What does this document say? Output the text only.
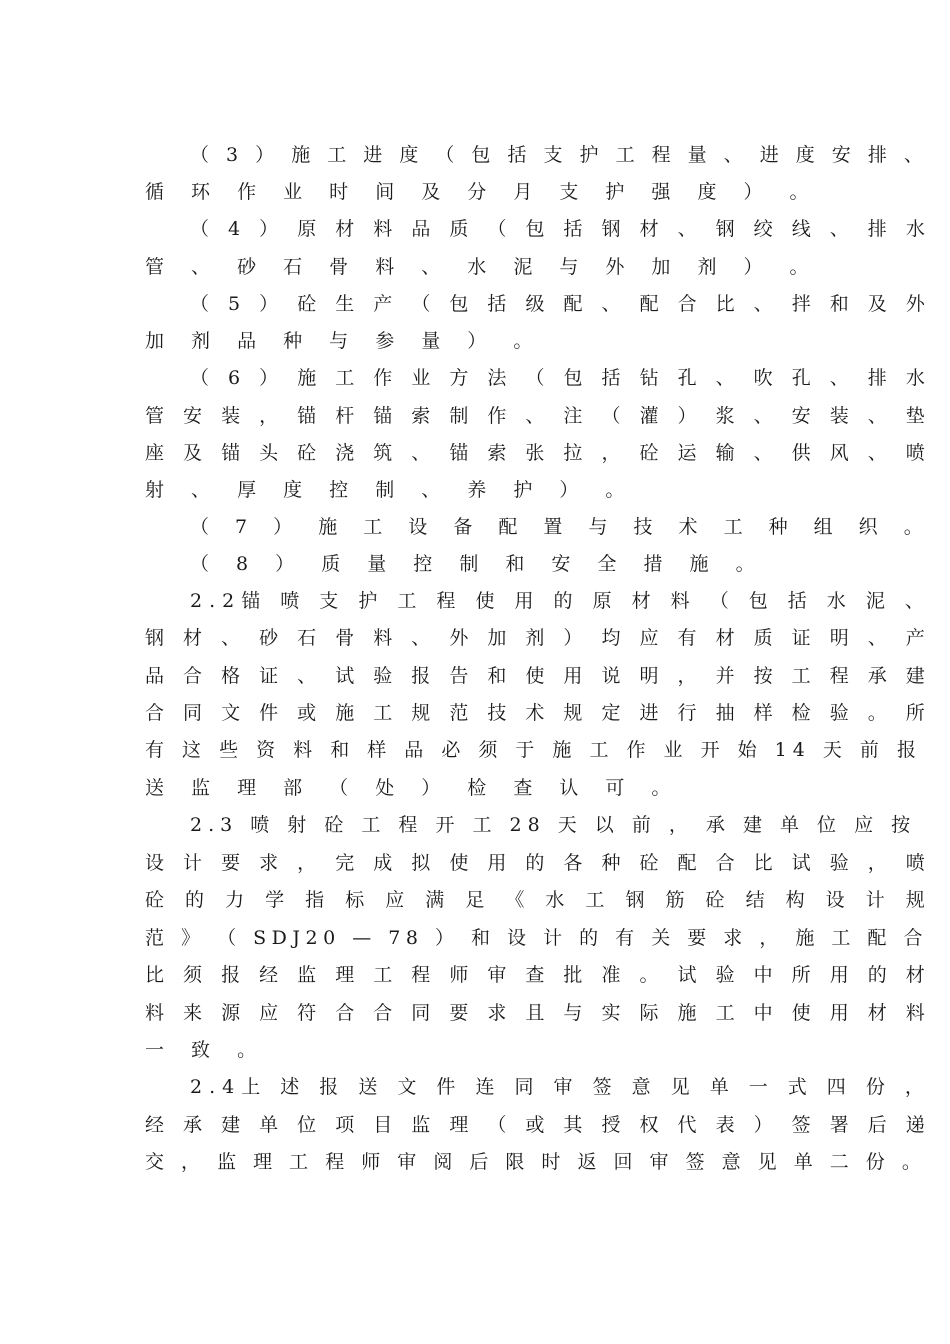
（ 3 ） 施 工 进 度 （ 包 括 支 护 工 程 量 、 进 度 安 排 、
循 环 作 业 时 间 及 分 月 支 护 强 度 ） 。
（ 4 ） 原 材 料 品 质 （ 包 括 钢 材 、 钢 绞 线 、 排 水
管 、 砂 石 骨 料 、 水 泥 与 外 加 剂 ） 。
（ 5 ） 砼 生 产 （ 包 括 级 配 、 配 合 比 、 拌 和 及 外
加 剂 品 种 与 参 量 ） 。
（ 6 ） 施 工 作 业 方 法 （ 包 括 钻 孔 、 吹 孔 、 排 水
管 安 装 ， 锚 杆 锚 索 制 作 、 注 （ 灌 ） 浆 、 安 装 、 垫
座 及 锚 头 砼 浇 筑 、 锚 索 张 拉 ， 砼 运 输 、 供 风 、 喷
射 、 厚 度 控 制 、 养 护 ） 。
（ 7 ） 施 工 设 备 配 置 与 技 术 工 种 组 织 。
（ 8 ） 质 量 控 制 和 安 全 措 施 。
2.2锚 喷 支 护 工 程 使 用 的 原 材 料 （ 包 括 水 泥 、
钢 材 、 砂 石 骨 料 、 外 加 剂 ） 均 应 有 材 质 证 明 、 产
品 合 格 证 、 试 验 报 告 和 使 用 说 明 ， 并 按 工 程 承 建
合 同 文 件 或 施 工 规 范 技 术 规 定 进 行 抽 样 检 验 。 所
有 这 些 资 料 和 样 品 必 须 于 施 工 作 业 开 始 14 天 前 报
送 监 理 部 （ 处 ） 检 查 认 可 。
2.3 喷 射 砼 工 程 开 工 28 天 以 前 ， 承 建 单 位 应 按
设 计 要 求 ， 完 成 拟 使 用 的 各 种 砼 配 合 比 试 验 ， 喷
砼 的 力 学 指 标 应 满 足 《 水 工 钢 筋 砼 结 构 设 计 规
范 》 （ SDJ20 — 78 ） 和 设 计 的 有 关 要 求 ， 施 工 配 合
比 须 报 经 监 理 工 程 师 审 查 批 准 。 试 验 中 所 用 的 材
料 来 源 应 符 合 合 同 要 求 且 与 实 际 施 工 中 使 用 材 料
一 致 。
2.4上 述 报 送 文 件 连 同 审 签 意 见 单 一 式 四 份 ，
经 承 建 单 位 项 目 监 理 （ 或 其 授 权 代 表 ） 签 署 后 递
交 ， 监 理 工 程 师 审 阅 后 限 时 返 回 审 签 意 见 单 二 份 。
